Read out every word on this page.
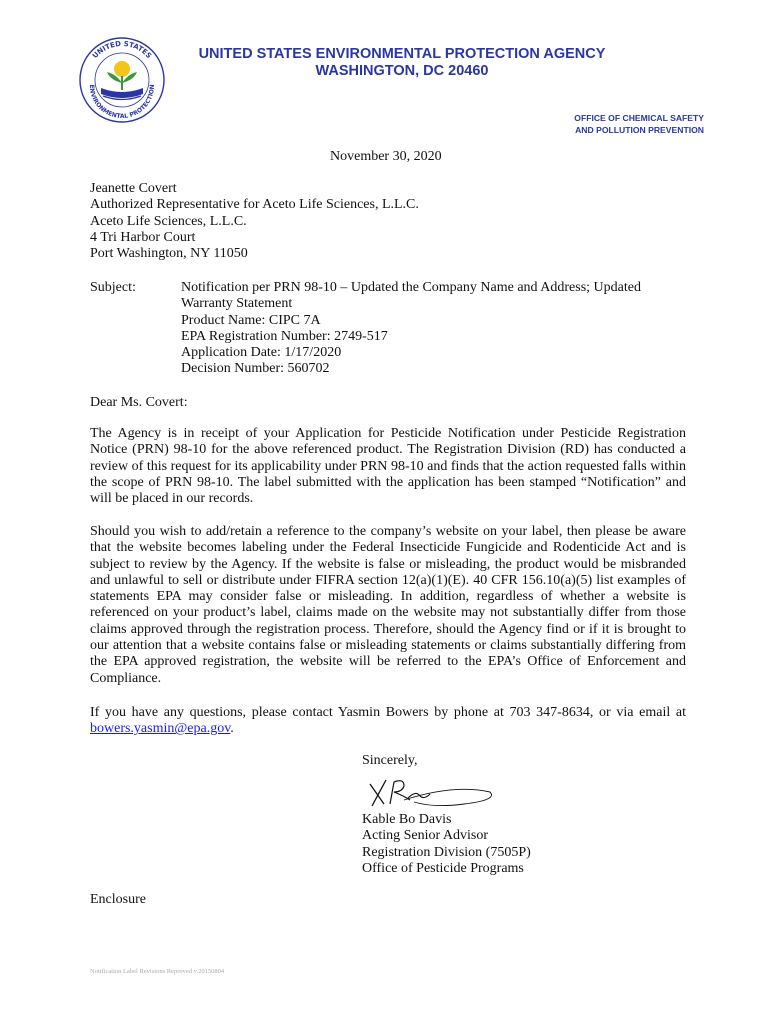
UNITED STATES
ENVIRONMENTAL PROTECTION
UNITED STATES ENVIRONMENTAL PROTECTION AGENCY
WASHINGTON, DC 20460
OFFICE OF CHEMICAL SAFETY
AND POLLUTION PREVENTION
November 30, 2020
Jeanette Covert
Authorized Representative for Aceto Life Sciences, L.L.C.
Aceto Life Sciences, L.L.C.
4 Tri Harbor Court
Port Washington, NY 11050
Subject:	Notification per PRN 98-10 – Updated the Company Name and Address; Updated
Warranty Statement
Product Name: CIPC 7A
EPA Registration Number: 2749-517
Application Date: 1/17/2020
Decision Number: 560702
Dear Ms. Covert:
The Agency is in receipt of your Application for Pesticide Notification under Pesticide Registration Notice (PRN) 98-10 for the above referenced product. The Registration Division (RD) has conducted a review of this request for its applicability under PRN 98-10 and finds that the action requested falls within the scope of PRN 98-10. The label submitted with the application has been stamped “Notification” and will be placed in our records.
Should you wish to add/retain a reference to the company’s website on your label, then please be aware that the website becomes labeling under the Federal Insecticide Fungicide and Rodenticide Act and is subject to review by the Agency. If the website is false or misleading, the product would be misbranded and unlawful to sell or distribute under FIFRA section 12(a)(1)(E). 40 CFR 156.10(a)(5) list examples of statements EPA may consider false or misleading. In addition, regardless of whether a website is referenced on your product’s label, claims made on the website may not substantially differ from those claims approved through the registration process. Therefore, should the Agency find or if it is brought to our attention that a website contains false or misleading statements or claims substantially differing from the EPA approved registration, the website will be referred to the EPA’s Office of Enforcement and Compliance.
If you have any questions, please contact Yasmin Bowers by phone at 703 347-8634, or via email at bowers.yasmin@epa.gov.
Sincerely,
Kable Bo Davis
Acting Senior Advisor
Registration Division (7505P)
Office of Pesticide Programs
Enclosure
Notification Label Revisions Reproved v.20150804
